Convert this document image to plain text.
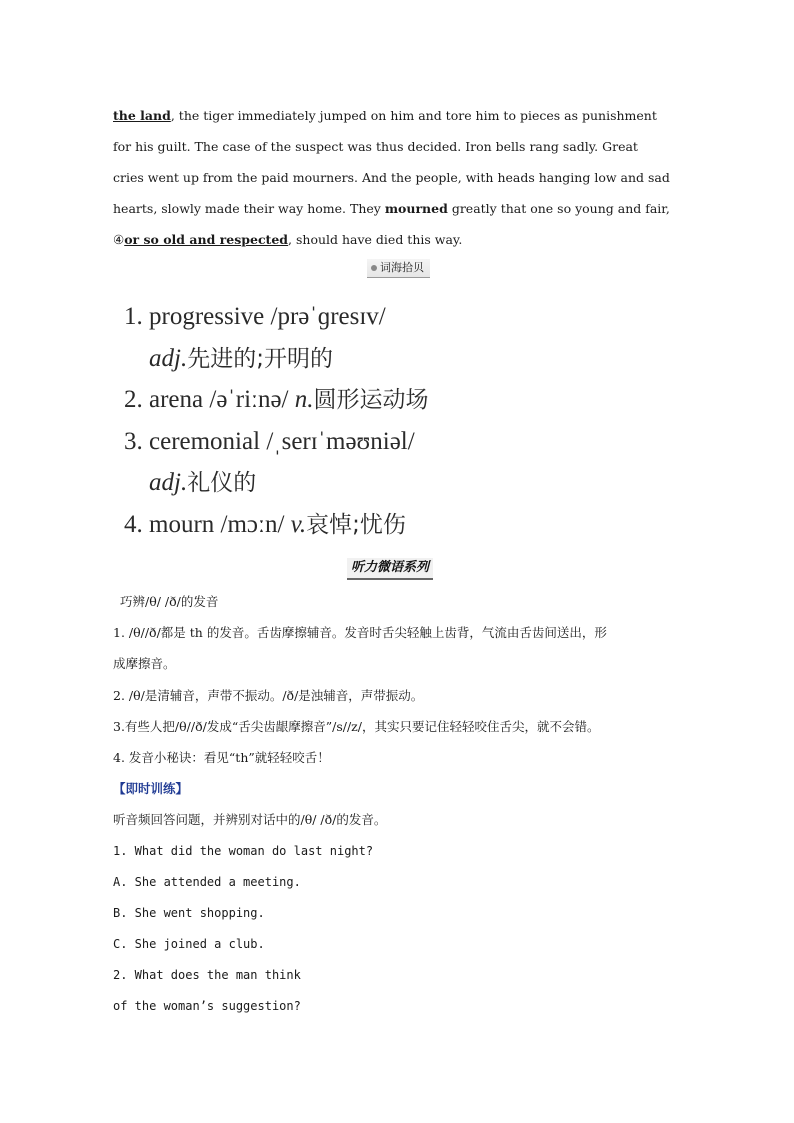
the land, the tiger immediately jumped on him and tore him to pieces as punishment
for his guilt. The case of the suspect was thus decided. Iron bells rang sadly. Great
cries went up from the paid mourners. And the people, with heads hanging low and sad
hearts, slowly made their way home. They mourned greatly that one so young and fair,
④or so old and respected, should have died this way.
词海拾贝
1. progressive /prəˈɡresɪv/
adj.先进的;开明的
2. arena /əˈriːnə/ n.圆形运动场
3. ceremonial /ˌserɪˈməʊniəl/
adj.礼仪的
4. mourn /mɔːn/ v.哀悼;忧伤
听力微语系列
巧辨/θ/ /ð/的发音
1. /θ//ð/都是 th 的发音。舌齿摩擦辅音。发音时舌尖轻触上齿背，气流由舌齿间送出，形
成摩擦音。
2. /θ/是清辅音，声带不振动。/ð/是浊辅音，声带振动。
3.有些人把/θ//ð/发成“舌尖齿龈摩擦音”/s//z/，其实只要记住轻轻咬住舌尖，就不会错。
4. 发音小秘诀：看见“th”就轻轻咬舌！
【即时训练】
听音频回答问题，并辨别对话中的/θ/ /ð/的发音。
1. What did the woman do last night?
A. She attended a meeting.
B. She went shopping.
C. She joined a club.
2. What does the man think
of the woman’s suggestion?
